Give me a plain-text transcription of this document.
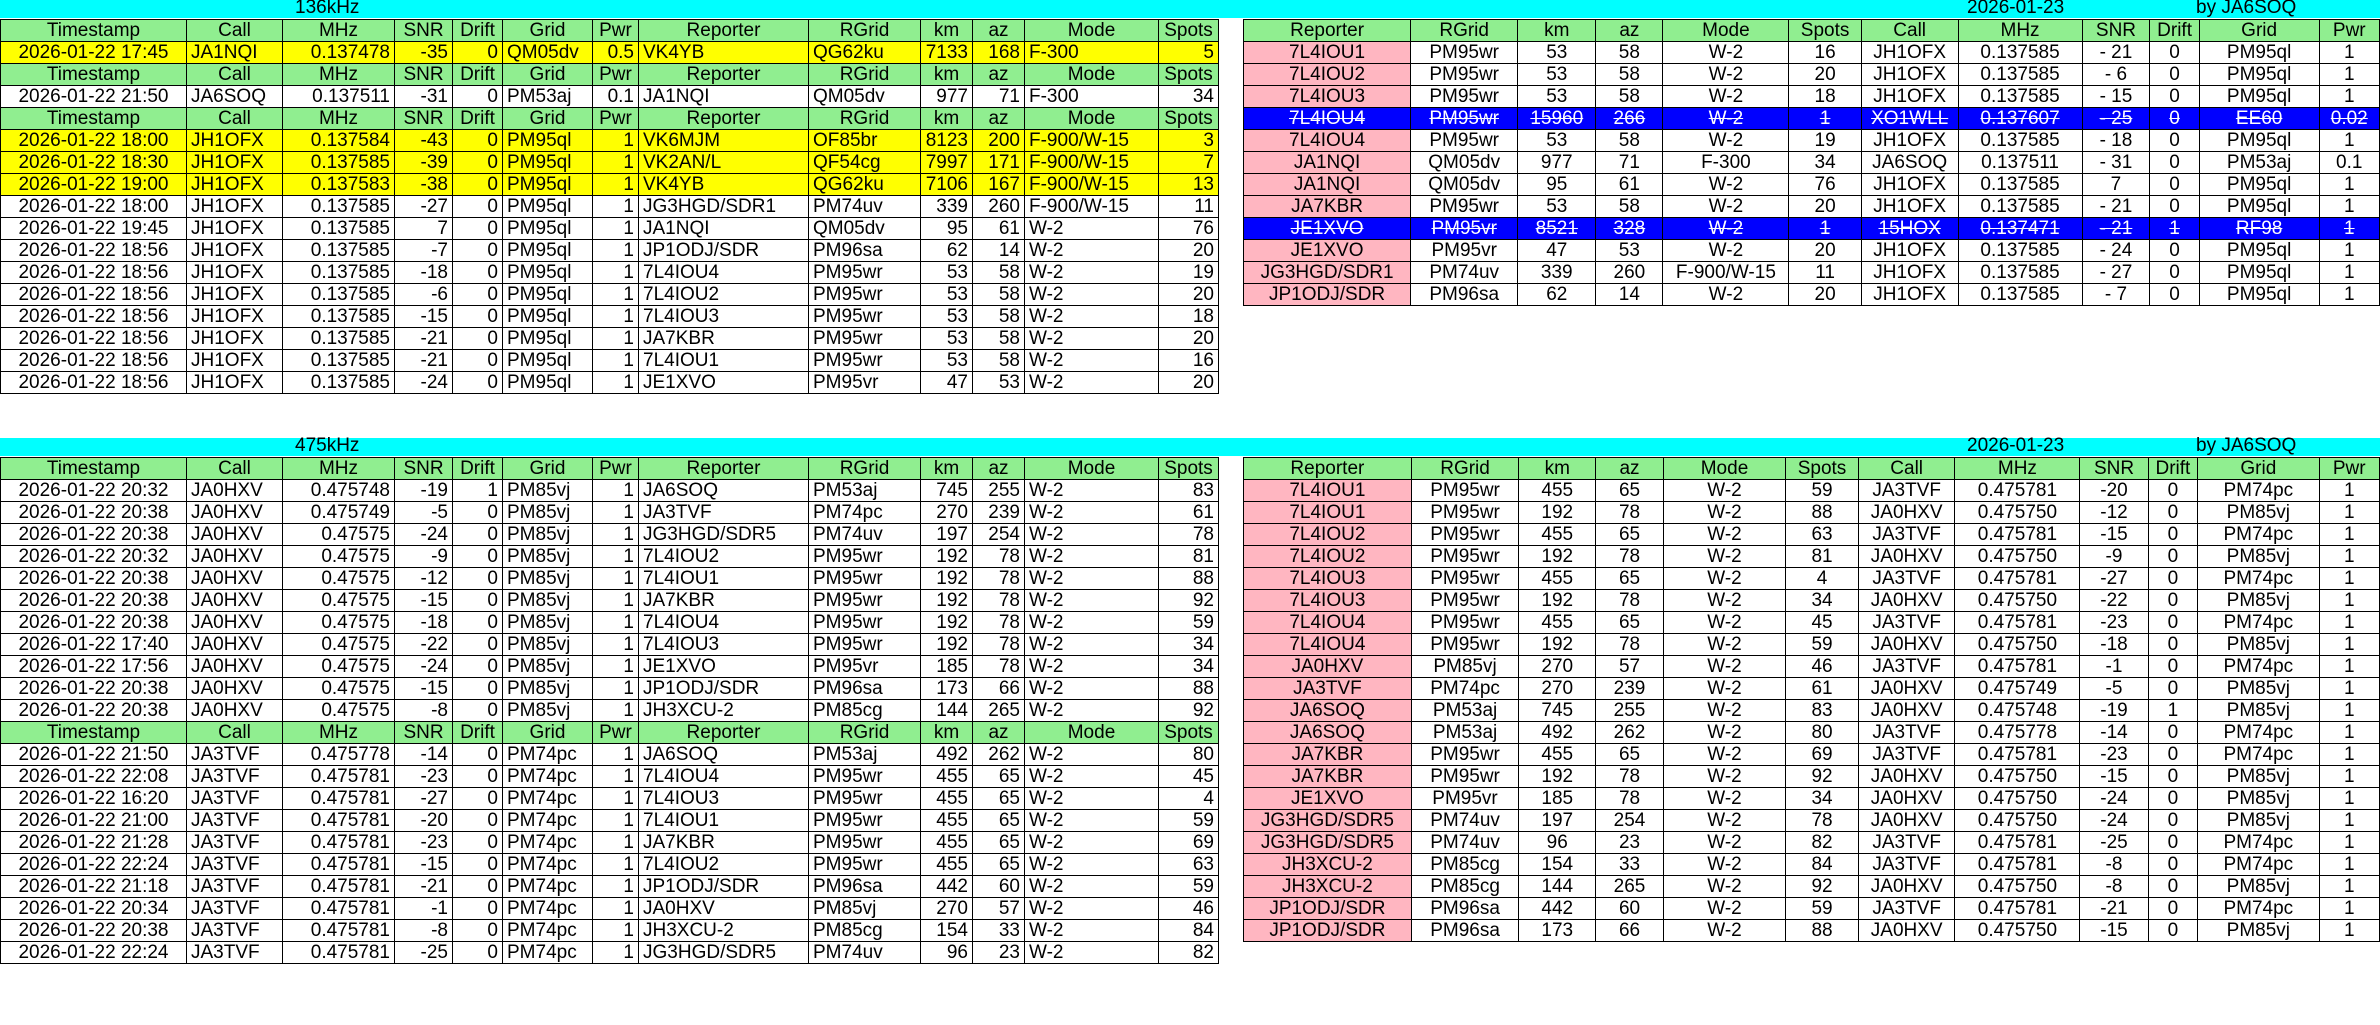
136kHz	2026-01-23	by JA6SOQ
Timestamp	Call	MHz	SNR	Drift	Grid	Pwr	Reporter	RGrid	km	az	Mode	Spots
2026-01-22 17:45	JA1NQI	0.137478	-35	0	QM05dv	0.5	VK4YB	QG62ku	7133	168	F-300	5
Timestamp	Call	MHz	SNR	Drift	Grid	Pwr	Reporter	RGrid	km	az	Mode	Spots
2026-01-22 21:50	JA6SOQ	0.137511	-31	0	PM53aj	0.1	JA1NQI	QM05dv	977	71	F-300	34
Timestamp	Call	MHz	SNR	Drift	Grid	Pwr	Reporter	RGrid	km	az	Mode	Spots
2026-01-22 18:00	JH1OFX	0.137584	-43	0	PM95ql	1	VK6MJM	OF85br	8123	200	F-900/W-15	3
2026-01-22 18:30	JH1OFX	0.137585	-39	0	PM95ql	1	VK2AN/L	QF54cg	7997	171	F-900/W-15	7
2026-01-22 19:00	JH1OFX	0.137583	-38	0	PM95ql	1	VK4YB	QG62ku	7106	167	F-900/W-15	13
2026-01-22 18:00	JH1OFX	0.137585	-27	0	PM95ql	1	JG3HGD/SDR1	PM74uv	339	260	F-900/W-15	11
2026-01-22 19:45	JH1OFX	0.137585	7	0	PM95ql	1	JA1NQI	QM05dv	95	61	W-2	76
2026-01-22 18:56	JH1OFX	0.137585	-7	0	PM95ql	1	JP1ODJ/SDR	PM96sa	62	14	W-2	20
2026-01-22 18:56	JH1OFX	0.137585	-18	0	PM95ql	1	7L4IOU4	PM95wr	53	58	W-2	19
2026-01-22 18:56	JH1OFX	0.137585	-6	0	PM95ql	1	7L4IOU2	PM95wr	53	58	W-2	20
2026-01-22 18:56	JH1OFX	0.137585	-15	0	PM95ql	1	7L4IOU3	PM95wr	53	58	W-2	18
2026-01-22 18:56	JH1OFX	0.137585	-21	0	PM95ql	1	JA7KBR	PM95wr	53	58	W-2	20
2026-01-22 18:56	JH1OFX	0.137585	-21	0	PM95ql	1	7L4IOU1	PM95wr	53	58	W-2	16
2026-01-22 18:56	JH1OFX	0.137585	-24	0	PM95ql	1	JE1XVO	PM95vr	47	53	W-2	20
Reporter	RGrid	km	az	Mode	Spots	Call	MHz	SNR	Drift	Grid	Pwr
7L4IOU1	PM95wr	53	58	W-2	16	JH1OFX	0.137585	- 21	0	PM95ql	1
7L4IOU2	PM95wr	53	58	W-2	20	JH1OFX	0.137585	- 6	0	PM95ql	1
7L4IOU3	PM95wr	53	58	W-2	18	JH1OFX	0.137585	- 15	0	PM95ql	1
7L4IOU4	PM95wr	15960	266	W-2	1	XO1WLL	0.137607	- 25	0	EE60	0.02
7L4IOU4	PM95wr	53	58	W-2	19	JH1OFX	0.137585	- 18	0	PM95ql	1
JA1NQI	QM05dv	977	71	F-300	34	JA6SOQ	0.137511	- 31	0	PM53aj	0.1
JA1NQI	QM05dv	95	61	W-2	76	JH1OFX	0.137585	7	0	PM95ql	1
JA7KBR	PM95wr	53	58	W-2	20	JH1OFX	0.137585	- 21	0	PM95ql	1
JE1XVO	PM95vr	8521	328	W-2	1	15HOX	0.137471	- 21	1	RF98	1
JE1XVO	PM95vr	47	53	W-2	20	JH1OFX	0.137585	- 24	0	PM95ql	1
JG3HGD/SDR1	PM74uv	339	260	F-900/W-15	11	JH1OFX	0.137585	- 27	0	PM95ql	1
JP1ODJ/SDR	PM96sa	62	14	W-2	20	JH1OFX	0.137585	- 7	0	PM95ql	1
475kHz	2026-01-23	by JA6SOQ
Timestamp	Call	MHz	SNR	Drift	Grid	Pwr	Reporter	RGrid	km	az	Mode	Spots
2026-01-22 20:32	JA0HXV	0.475748	-19	1	PM85vj	1	JA6SOQ	PM53aj	745	255	W-2	83
2026-01-22 20:38	JA0HXV	0.475749	-5	0	PM85vj	1	JA3TVF	PM74pc	270	239	W-2	61
2026-01-22 20:38	JA0HXV	0.47575	-24	0	PM85vj	1	JG3HGD/SDR5	PM74uv	197	254	W-2	78
2026-01-22 20:32	JA0HXV	0.47575	-9	0	PM85vj	1	7L4IOU2	PM95wr	192	78	W-2	81
2026-01-22 20:38	JA0HXV	0.47575	-12	0	PM85vj	1	7L4IOU1	PM95wr	192	78	W-2	88
2026-01-22 20:38	JA0HXV	0.47575	-15	0	PM85vj	1	JA7KBR	PM95wr	192	78	W-2	92
2026-01-22 20:38	JA0HXV	0.47575	-18	0	PM85vj	1	7L4IOU4	PM95wr	192	78	W-2	59
2026-01-22 17:40	JA0HXV	0.47575	-22	0	PM85vj	1	7L4IOU3	PM95wr	192	78	W-2	34
2026-01-22 17:56	JA0HXV	0.47575	-24	0	PM85vj	1	JE1XVO	PM95vr	185	78	W-2	34
2026-01-22 20:38	JA0HXV	0.47575	-15	0	PM85vj	1	JP1ODJ/SDR	PM96sa	173	66	W-2	88
2026-01-22 20:38	JA0HXV	0.47575	-8	0	PM85vj	1	JH3XCU-2	PM85cg	144	265	W-2	92
Timestamp	Call	MHz	SNR	Drift	Grid	Pwr	Reporter	RGrid	km	az	Mode	Spots
2026-01-22 21:50	JA3TVF	0.475778	-14	0	PM74pc	1	JA6SOQ	PM53aj	492	262	W-2	80
2026-01-22 22:08	JA3TVF	0.475781	-23	0	PM74pc	1	7L4IOU4	PM95wr	455	65	W-2	45
2026-01-22 16:20	JA3TVF	0.475781	-27	0	PM74pc	1	7L4IOU3	PM95wr	455	65	W-2	4
2026-01-22 21:00	JA3TVF	0.475781	-20	0	PM74pc	1	7L4IOU1	PM95wr	455	65	W-2	59
2026-01-22 21:28	JA3TVF	0.475781	-23	0	PM74pc	1	JA7KBR	PM95wr	455	65	W-2	69
2026-01-22 22:24	JA3TVF	0.475781	-15	0	PM74pc	1	7L4IOU2	PM95wr	455	65	W-2	63
2026-01-22 21:18	JA3TVF	0.475781	-21	0	PM74pc	1	JP1ODJ/SDR	PM96sa	442	60	W-2	59
2026-01-22 20:34	JA3TVF	0.475781	-1	0	PM74pc	1	JA0HXV	PM85vj	270	57	W-2	46
2026-01-22 20:38	JA3TVF	0.475781	-8	0	PM74pc	1	JH3XCU-2	PM85cg	154	33	W-2	84
2026-01-22 22:24	JA3TVF	0.475781	-25	0	PM74pc	1	JG3HGD/SDR5	PM74uv	96	23	W-2	82
Reporter	RGrid	km	az	Mode	Spots	Call	MHz	SNR	Drift	Grid	Pwr
7L4IOU1	PM95wr	455	65	W-2	59	JA3TVF	0.475781	-20	0	PM74pc	1
7L4IOU1	PM95wr	192	78	W-2	88	JA0HXV	0.475750	-12	0	PM85vj	1
7L4IOU2	PM95wr	455	65	W-2	63	JA3TVF	0.475781	-15	0	PM74pc	1
7L4IOU2	PM95wr	192	78	W-2	81	JA0HXV	0.475750	-9	0	PM85vj	1
7L4IOU3	PM95wr	455	65	W-2	4	JA3TVF	0.475781	-27	0	PM74pc	1
7L4IOU3	PM95wr	192	78	W-2	34	JA0HXV	0.475750	-22	0	PM85vj	1
7L4IOU4	PM95wr	455	65	W-2	45	JA3TVF	0.475781	-23	0	PM74pc	1
7L4IOU4	PM95wr	192	78	W-2	59	JA0HXV	0.475750	-18	0	PM85vj	1
JA0HXV	PM85vj	270	57	W-2	46	JA3TVF	0.475781	-1	0	PM74pc	1
JA3TVF	PM74pc	270	239	W-2	61	JA0HXV	0.475749	-5	0	PM85vj	1
JA6SOQ	PM53aj	745	255	W-2	83	JA0HXV	0.475748	-19	1	PM85vj	1
JA6SOQ	PM53aj	492	262	W-2	80	JA3TVF	0.475778	-14	0	PM74pc	1
JA7KBR	PM95wr	455	65	W-2	69	JA3TVF	0.475781	-23	0	PM74pc	1
JA7KBR	PM95wr	192	78	W-2	92	JA0HXV	0.475750	-15	0	PM85vj	1
JE1XVO	PM95vr	185	78	W-2	34	JA0HXV	0.475750	-24	0	PM85vj	1
JG3HGD/SDR5	PM74uv	197	254	W-2	78	JA0HXV	0.475750	-24	0	PM85vj	1
JG3HGD/SDR5	PM74uv	96	23	W-2	82	JA3TVF	0.475781	-25	0	PM74pc	1
JH3XCU-2	PM85cg	154	33	W-2	84	JA3TVF	0.475781	-8	0	PM74pc	1
JH3XCU-2	PM85cg	144	265	W-2	92	JA0HXV	0.475750	-8	0	PM85vj	1
JP1ODJ/SDR	PM96sa	442	60	W-2	59	JA3TVF	0.475781	-21	0	PM74pc	1
JP1ODJ/SDR	PM96sa	173	66	W-2	88	JA0HXV	0.475750	-15	0	PM85vj	1
